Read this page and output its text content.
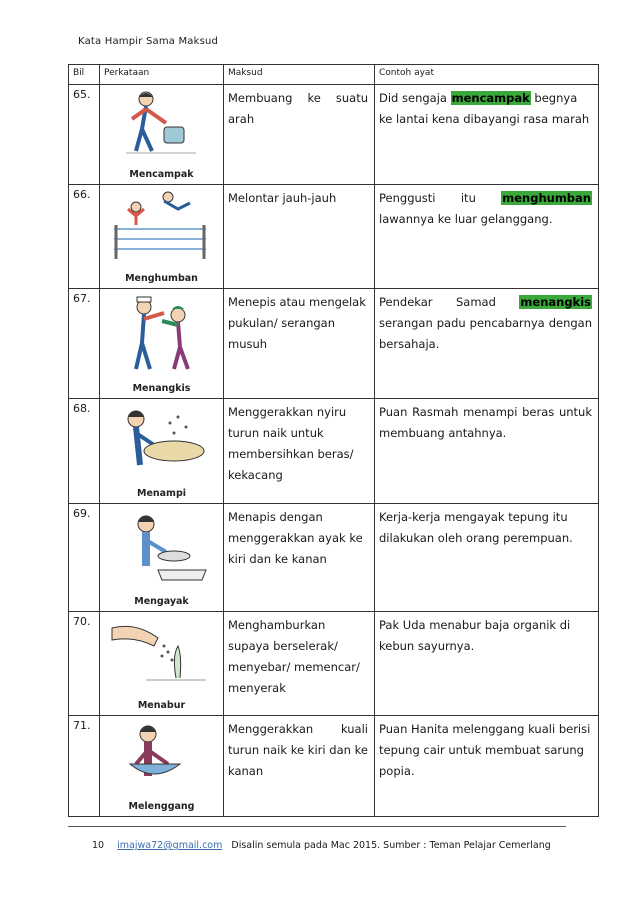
Kata Hampir Sama Maksud
Bil	Perkataan	Maksud	Contoh ayat
65.	Mencampak	Membuang ke suatu arah	Did sengaja mencampak begnya ke lantai kena dibayangi rasa marah
66.	Menghumban	Melontar jauh-jauh	Penggusti itu menghumban lawannya ke luar gelanggang.
67.	Menangkis	Menepis atau mengelak pukulan/ serangan musuh	Pendekar Samad menangkis serangan padu pencabarnya dengan bersahaja.
68.	Menampi	Menggerakkan nyiru turun naik untuk membersihkan beras/ kekacang	Puan Rasmah menampi beras untuk membuang antahnya.
69.	Mengayak	Menapis dengan menggerakkan ayak ke kiri dan ke kanan	Kerja-kerja mengayak tepung itu dilakukan oleh orang perempuan.
70.	Menabur	Menghamburkan supaya berselerak/ menyebar/ memencar/ menyerak	Pak Uda menabur baja organik di kebun sayurnya.
71.	Melenggang	Menggerakkan kuali turun naik ke kiri dan ke kanan	Puan Hanita melenggang kuali berisi tepung cair untuk membuat sarung popia.
10 imajwa72@gmail.com Disalin semula pada Mac 2015. Sumber : Teman Pelajar Cemerlang
